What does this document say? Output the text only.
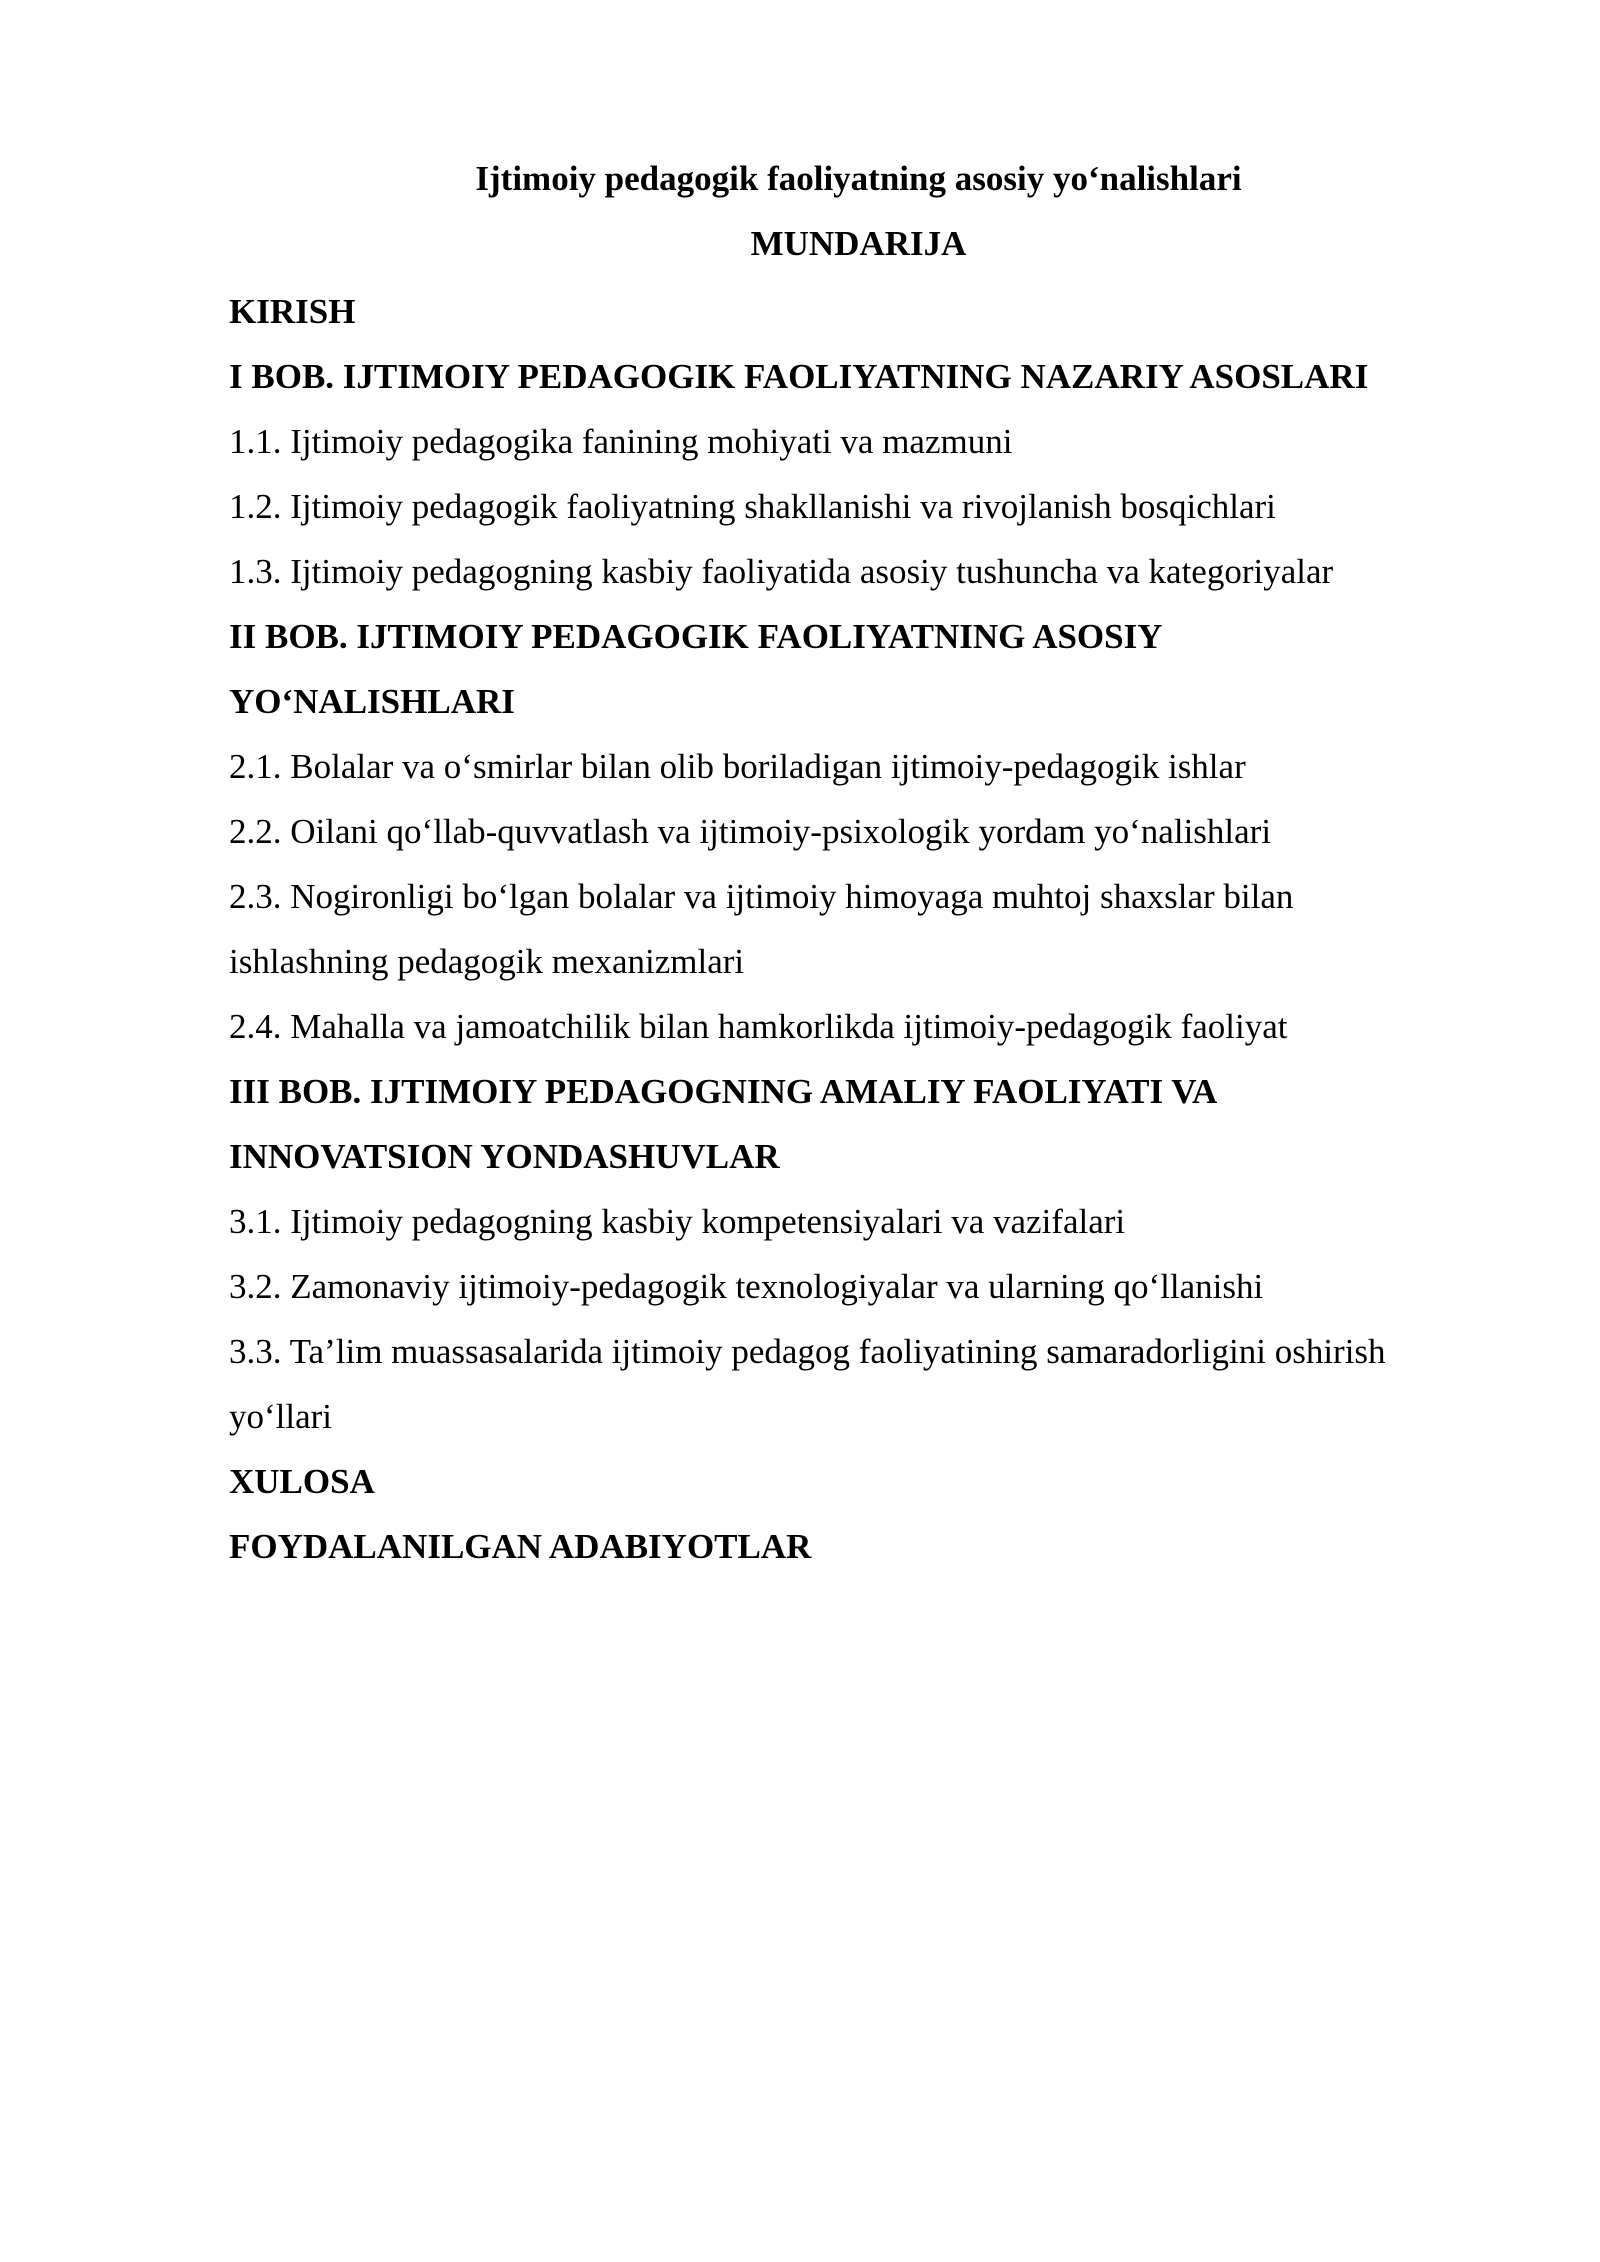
Ijtimoiy pedagogik faoliyatning asosiy yo‘nalishlari
MUNDARIJA
KIRISH
I BOB. IJTIMOIY PEDAGOGIK FAOLIYATNING NAZARIY ASOSLARI
1.1. Ijtimoiy pedagogika fanining mohiyati va mazmuni
1.2. Ijtimoiy pedagogik faoliyatning shakllanishi va rivojlanish bosqichlari
1.3. Ijtimoiy pedagogning kasbiy faoliyatida asosiy tushuncha va kategoriyalar
II BOB. IJTIMOIY PEDAGOGIK FAOLIYATNING ASOSIY
YO‘NALISHLARI
2.1. Bolalar va o‘smirlar bilan olib boriladigan ijtimoiy-pedagogik ishlar
2.2. Oilani qo‘llab-quvvatlash va ijtimoiy-psixologik yordam yo‘nalishlari
2.3. Nogironligi bo‘lgan bolalar va ijtimoiy himoyaga muhtoj shaxslar bilan
ishlashning pedagogik mexanizmlari
2.4. Mahalla va jamoatchilik bilan hamkorlikda ijtimoiy-pedagogik faoliyat
III BOB. IJTIMOIY PEDAGOGNING AMALIY FAOLIYATI VA
INNOVATSION YONDASHUVLAR
3.1. Ijtimoiy pedagogning kasbiy kompetensiyalari va vazifalari
3.2. Zamonaviy ijtimoiy-pedagogik texnologiyalar va ularning qo‘llanishi
3.3. Ta’lim muassasalarida ijtimoiy pedagog faoliyatining samaradorligini oshirish
yo‘llari
XULOSA
FOYDALANILGAN ADABIYOTLAR
